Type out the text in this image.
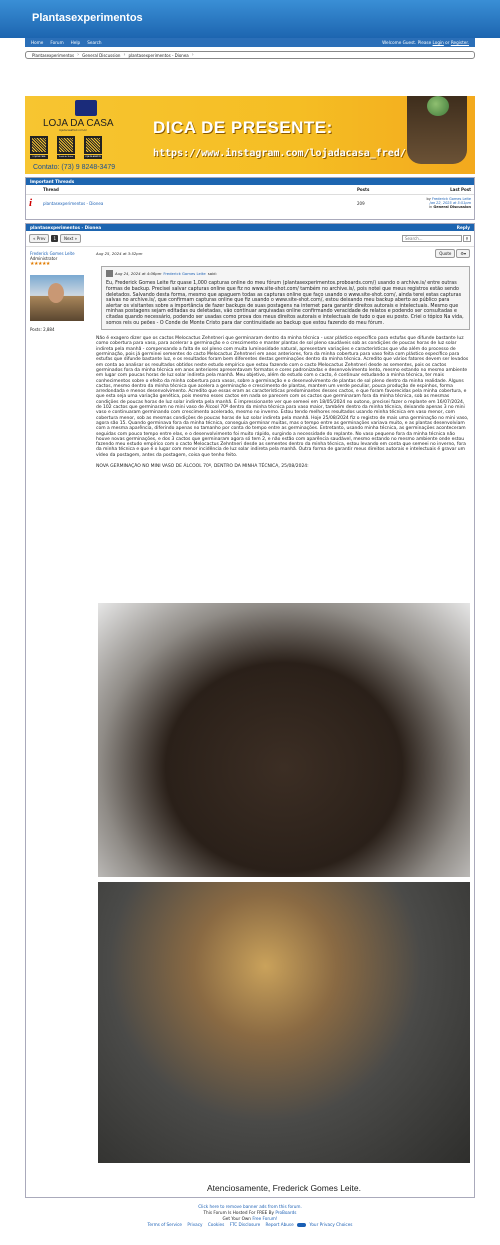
Plantasexperimentos
Home Forum Help Search	Welcome Guest. Please Login or Register.
Plantasexperimentos › General Discussion › plantasexperimentos - Dionea ›
LOJA DA CASA
lojadacasafred.com.br
LOJA DA CASA	Venda de Frutos	LOJA DA AMAZON
Contato: (73) 9 8248-3479
DICA DE PRESENTE:
https://www.instagram.com/lojadacasa_fred/
Important Threads
	Thread	Posts	Last Post
i	plantasexperimentos - Dionea	209	by Frederick Gomes Leite
Jan 22, 2025 at 5:51pm
in General Discussion
plantasexperimentos - Dionea	Reply
« Prev	1	Next »
Search...	⚲
Frederick Gomes Leite
Administrator
★★★★★
Posts: 2,884
Aug 25, 2024 at 3:52pm	Quote	⚙▾
Aug 24, 2024 at 4:06pm Frederick Gomes Leite said:
Eu, Frederick Gomes Leite fiz quase 1,000 capturas online do meu fórum (plantasexperimentos.proboards.com/) usando o archive.is/ entre outras formas de backup. Precisei salvar capturas online que fiz no www.site-shot.com/ também no archive.is/, pois notei que meus registros estão sendo deletados. Salvando desta forma, mesmo que apaguem todas as capturas online que faço usando o www.site-shot.com/, ainda terei estas capturas salvas no archive.is/, que confirmam capturas online que fiz usando o www.site-shot.com/, estou deixando meu backup aberto ao público para alertar os visitantes sobre a importância de fazer backups de suas postagens na internet para garantir direitos autorais e intelectuais. Mesmo que minhas postagens sejam editadas ou deletadas, vão continuar arquivadas online confirmando veracidade de relatos e podendo ser consultadas e citadas quando necessário, podendo ser usadas como prova dos meus direitos autorais e intelectuais de tudo o que eu posto. Criei o tópico Na vida, somos reis ou peões - O Conde de Monte Cristo para dar continuidade ao backup que estou fazendo do meu fórum.
Não é exagero dizer que os cactos Melocactus Zehntneri que germinaram dentro da minha técnica - usar plástico específico para estufas que difunde bastante luz como cobertura para vaso, para acelerar a germinação e o crescimento e manter plantas de sol pleno saudáveis sob as condições de poucas horas de luz solar indireta pela manhã - compensando a falta de sol pleno com muita luminosidade natural, apresentam variações e características que vão além do processo de germinação, pois já germinei sementes do cacto Melocactus Zehntneri em anos anteriores, fora da minha cobertura para vaso feita com plástico específico para estufas que difunde bastante luz, e os resultados foram bem diferentes destas germinações dentro da minha técnica. Acredito que vários fatores devem ser levados em conta ao analisar os resultados obtidos neste estudo empírico que estou fazendo com o cacto Melocactus Zehntneri desde as sementes, pois os cactos germinados fora da minha técnica em anos anteriores apresentavam formatos e cores padronizadas e desenvolvimento lento, mesmo estando no mesmo ambiente em lugar com poucas horas de luz solar indireta pela manhã. Meu objetivo, além do estudo com o cacto, é continuar estudando a minha técnica, ter mais conhecimentos sobre o efeito da minha cobertura para vasos, sobre a germinação e o desenvolvimento de plantas de sol pleno dentro da minha realidade. Alguns cactos, mesmo dentro da minha técnica que acelera a germinação e crescimento de plantas, mantem um verde peculiar, pouca produção de espinhos, forma arredondada e menos desenvolvimento. Acredito que essas eram as características predominantes desses cactos, e que foram favorecidas pela minha cobertura, e que esta seja uma variação genética, pois mesmo esses cactos em nada se parecem com os cactos que germinaram fora da minha técnica, sob as mesmas condições de poucas horas de luz solar indireta pela manhã. É impressionante ver que semeei em 18/05/2024 no outono, precisei fazer o replante em 16/07/2024, de 102 cactos que germinaram no mini vaso de Álcool 70º dentro da minha técnica para vaso maior, também dentro da minha técnica, deixando apenas 3 no mini vaso e continuaram germinando com crescimento acelerado, mesmo no inverno. Estou tendo melhores resultados usando minha técnica em vaso menor, com cobertura menor, sob as mesmas condições de poucas horas de luz solar indireta pela manhã. Hoje 25/08/2024 fiz o registro de mais uma germinação no mini vaso, agora são 15. Quando germinava fora da minha técnica, conseguia germinar muitas, mas o tempo entre as germinações variava muito, e as plantas desenvolviam com a mesma aparência, diferindo apenas no tamanho por conta do tempo entre as germinações. Entretanto, usando minha técnica, as germinações aconteceram seguidas com pouco tempo entre elas, e o desenvolvimento foi muito rápido, surgindo a necessidade do replante. No vaso pequeno fora da minha técnica não houve novas germinações, e dos 3 cactos que germinaram agora só tem 2, e não estão com aparência saudável, mesmo estando no mesmo ambiente onde estou fazendo meu estudo empírico com o cacto Melocactus Zehntneri desde as sementes dentro da minha técnica, estou levando em conta que semeei no inverno, fora da minha técnica e que é o lugar com menor incidência de luz solar indireta pela manhã. Outra forma de garantir meus direitos autorais e intelectuais é gravar um vídeo da postagem, antes da postagem, coisa que tenho feito.
NOVA GERMINAÇÃO NO MINI VASO DE ÁLCOOL 70º, DENTRO DA MINHA TÉCNICA, 25/08/2024:
Atenciosamente, Frederick Gomes Leite.
Click here to remove banner ads from this forum.
This Forum Is Hosted For FREE By ProBoards
Get Your Own Free Forum!
Terms of Service Privacy Cookies FTC Disclosure Report Abuse	Your Privacy Choices
